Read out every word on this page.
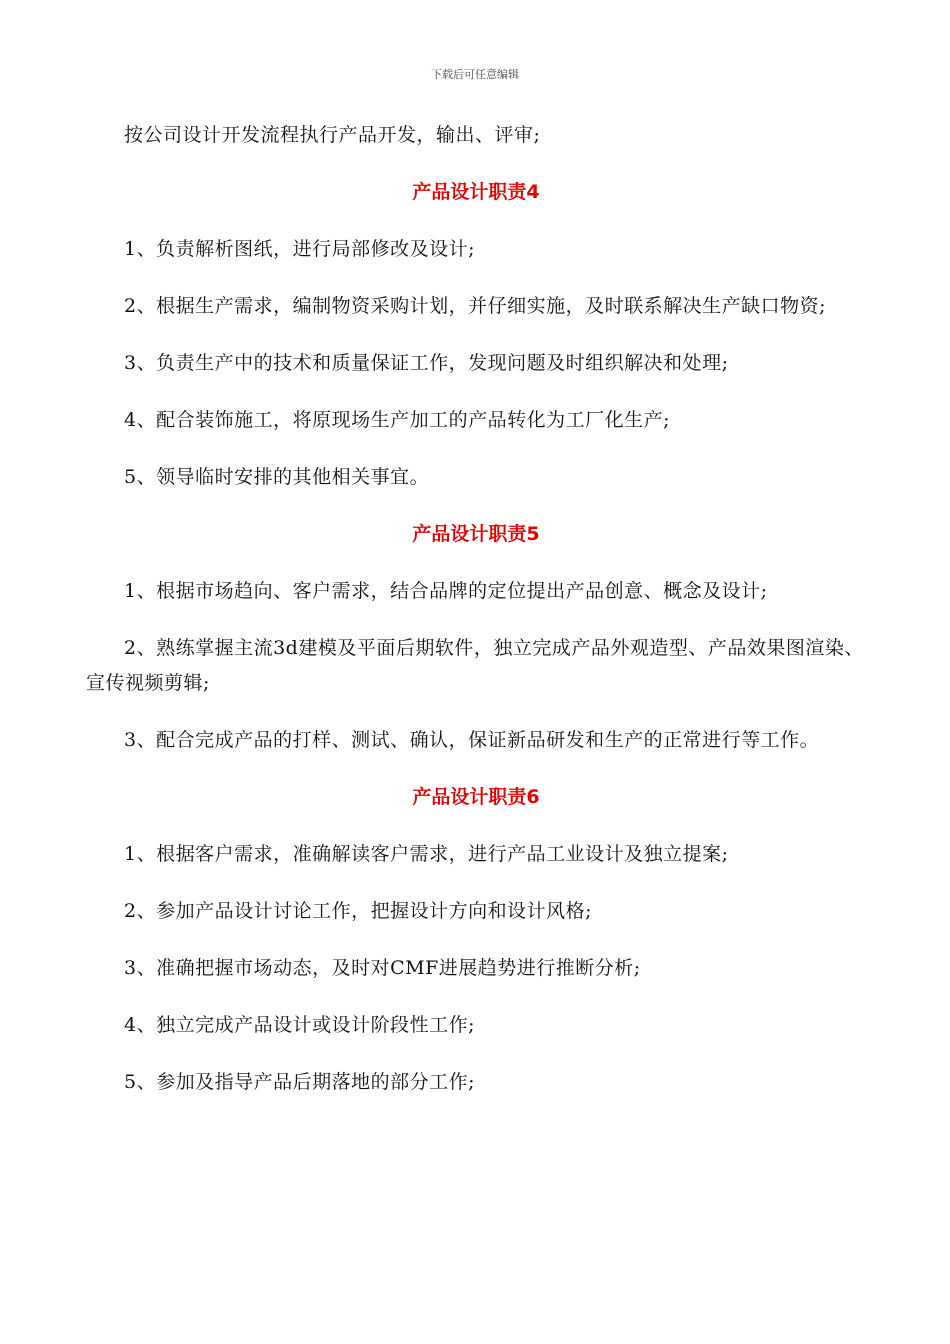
下载后可任意编辑

按公司设计开发流程执行产品开发，输出、评审;

产品设计职责4

1、负责解析图纸，进行局部修改及设计;

2、根据生产需求，编制物资采购计划，并仔细实施，及时联系解决生产缺口物资;

3、负责生产中的技术和质量保证工作，发现问题及时组织解决和处理;

4、配合装饰施工，将原现场生产加工的产品转化为工厂化生产;

5、领导临时安排的其他相关事宜。

产品设计职责5

1、根据市场趋向、客户需求，结合品牌的定位提出产品创意、概念及设计;

2、熟练掌握主流3d建模及平面后期软件，独立完成产品外观造型、产品效果图渲染、宣传视频剪辑;

3、配合完成产品的打样、测试、确认，保证新品研发和生产的正常进行等工作。

产品设计职责6

1、根据客户需求，准确解读客户需求，进行产品工业设计及独立提案;

2、参加产品设计讨论工作，把握设计方向和设计风格;

3、准确把握市场动态，及时对CMF进展趋势进行推断分析;

4、独立完成产品设计或设计阶段性工作;

5、参加及指导产品后期落地的部分工作;
